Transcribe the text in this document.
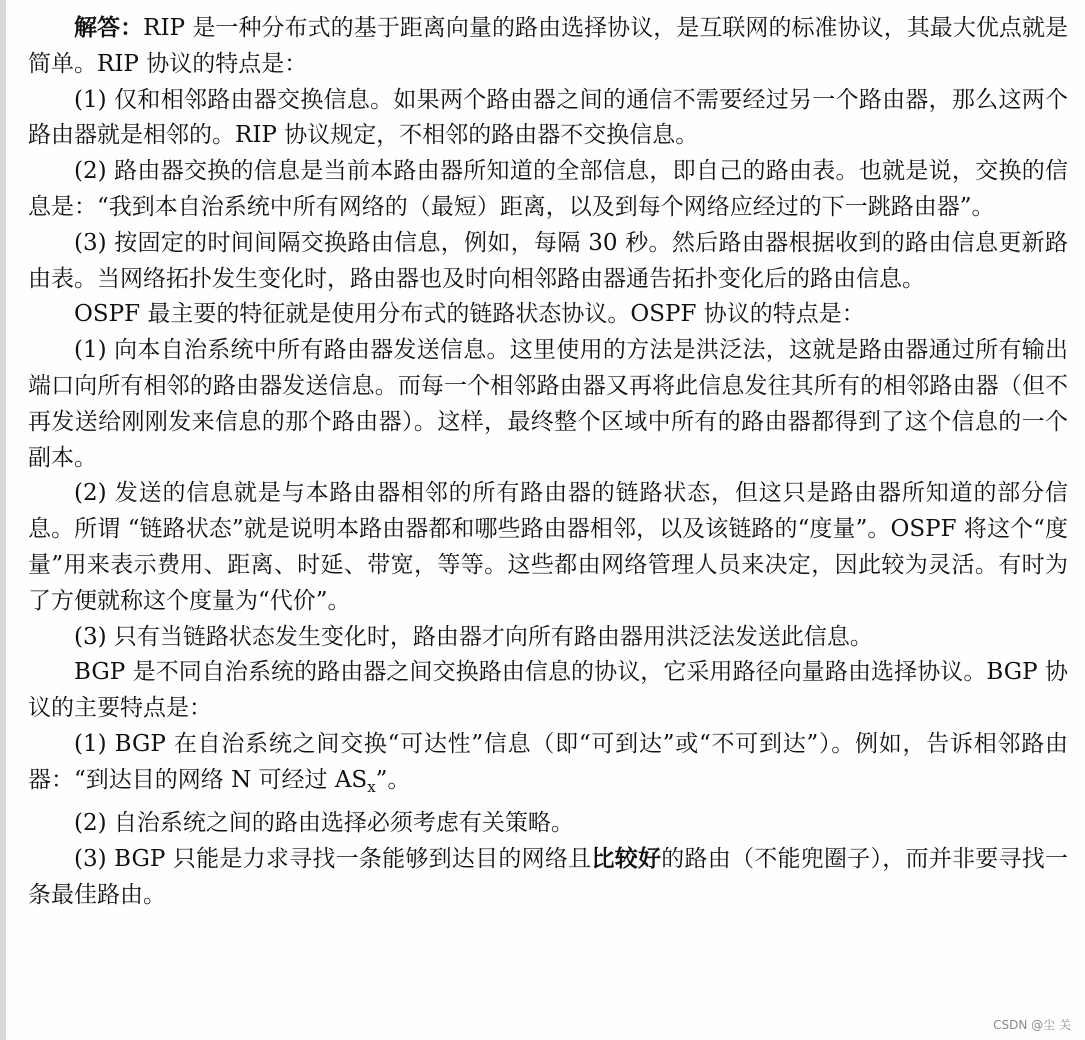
解答：RIP 是一种分布式的基于距离向量的路由选择协议，是互联网的标准协议，其最大优点就是简单。RIP 协议的特点是：

(1) 仅和相邻路由器交换信息。如果两个路由器之间的通信不需要经过另一个路由器，那么这两个路由器就是相邻的。RIP 协议规定，不相邻的路由器不交换信息。

(2) 路由器交换的信息是当前本路由器所知道的全部信息，即自己的路由表。也就是说，交换的信息是：“我到本自治系统中所有网络的（最短）距离，以及到每个网络应经过的下一跳路由器”。

(3) 按固定的时间间隔交换路由信息，例如，每隔 30 秒。然后路由器根据收到的路由信息更新路由表。当网络拓扑发生变化时，路由器也及时向相邻路由器通告拓扑变化后的路由信息。

OSPF 最主要的特征就是使用分布式的链路状态协议。OSPF 协议的特点是：

(1) 向本自治系统中所有路由器发送信息。这里使用的方法是洪泛法，这就是路由器通过所有输出端口向所有相邻的路由器发送信息。而每一个相邻路由器又再将此信息发往其所有的相邻路由器（但不再发送给刚刚发来信息的那个路由器）。这样，最终整个区域中所有的路由器都得到了这个信息的一个副本。

(2) 发送的信息就是与本路由器相邻的所有路由器的链路状态，但这只是路由器所知道的部分信息。所谓 “链路状态”就是说明本路由器都和哪些路由器相邻，以及该链路的“度量”。OSPF 将这个“度量”用来表示费用、距离、时延、带宽，等等。这些都由网络管理人员来决定，因此较为灵活。有时为了方便就称这个度量为“代价”。

(3) 只有当链路状态发生变化时，路由器才向所有路由器用洪泛法发送此信息。

BGP 是不同自治系统的路由器之间交换路由信息的协议，它采用路径向量路由选择协议。BGP 协议的主要特点是：

(1) BGP 在自治系统之间交换“可达性”信息（即“可到达”或“不可到达”）。例如，告诉相邻路由器：“到达目的网络 N 可经过 $AS_x$”。

(2) 自治系统之间的路由选择必须考虑有关策略。

(3) BGP 只能是力求寻找一条能够到达目的网络且比较好的路由（不能兜圈子），而并非要寻找一条最佳路由。

CSDN @尘 关
